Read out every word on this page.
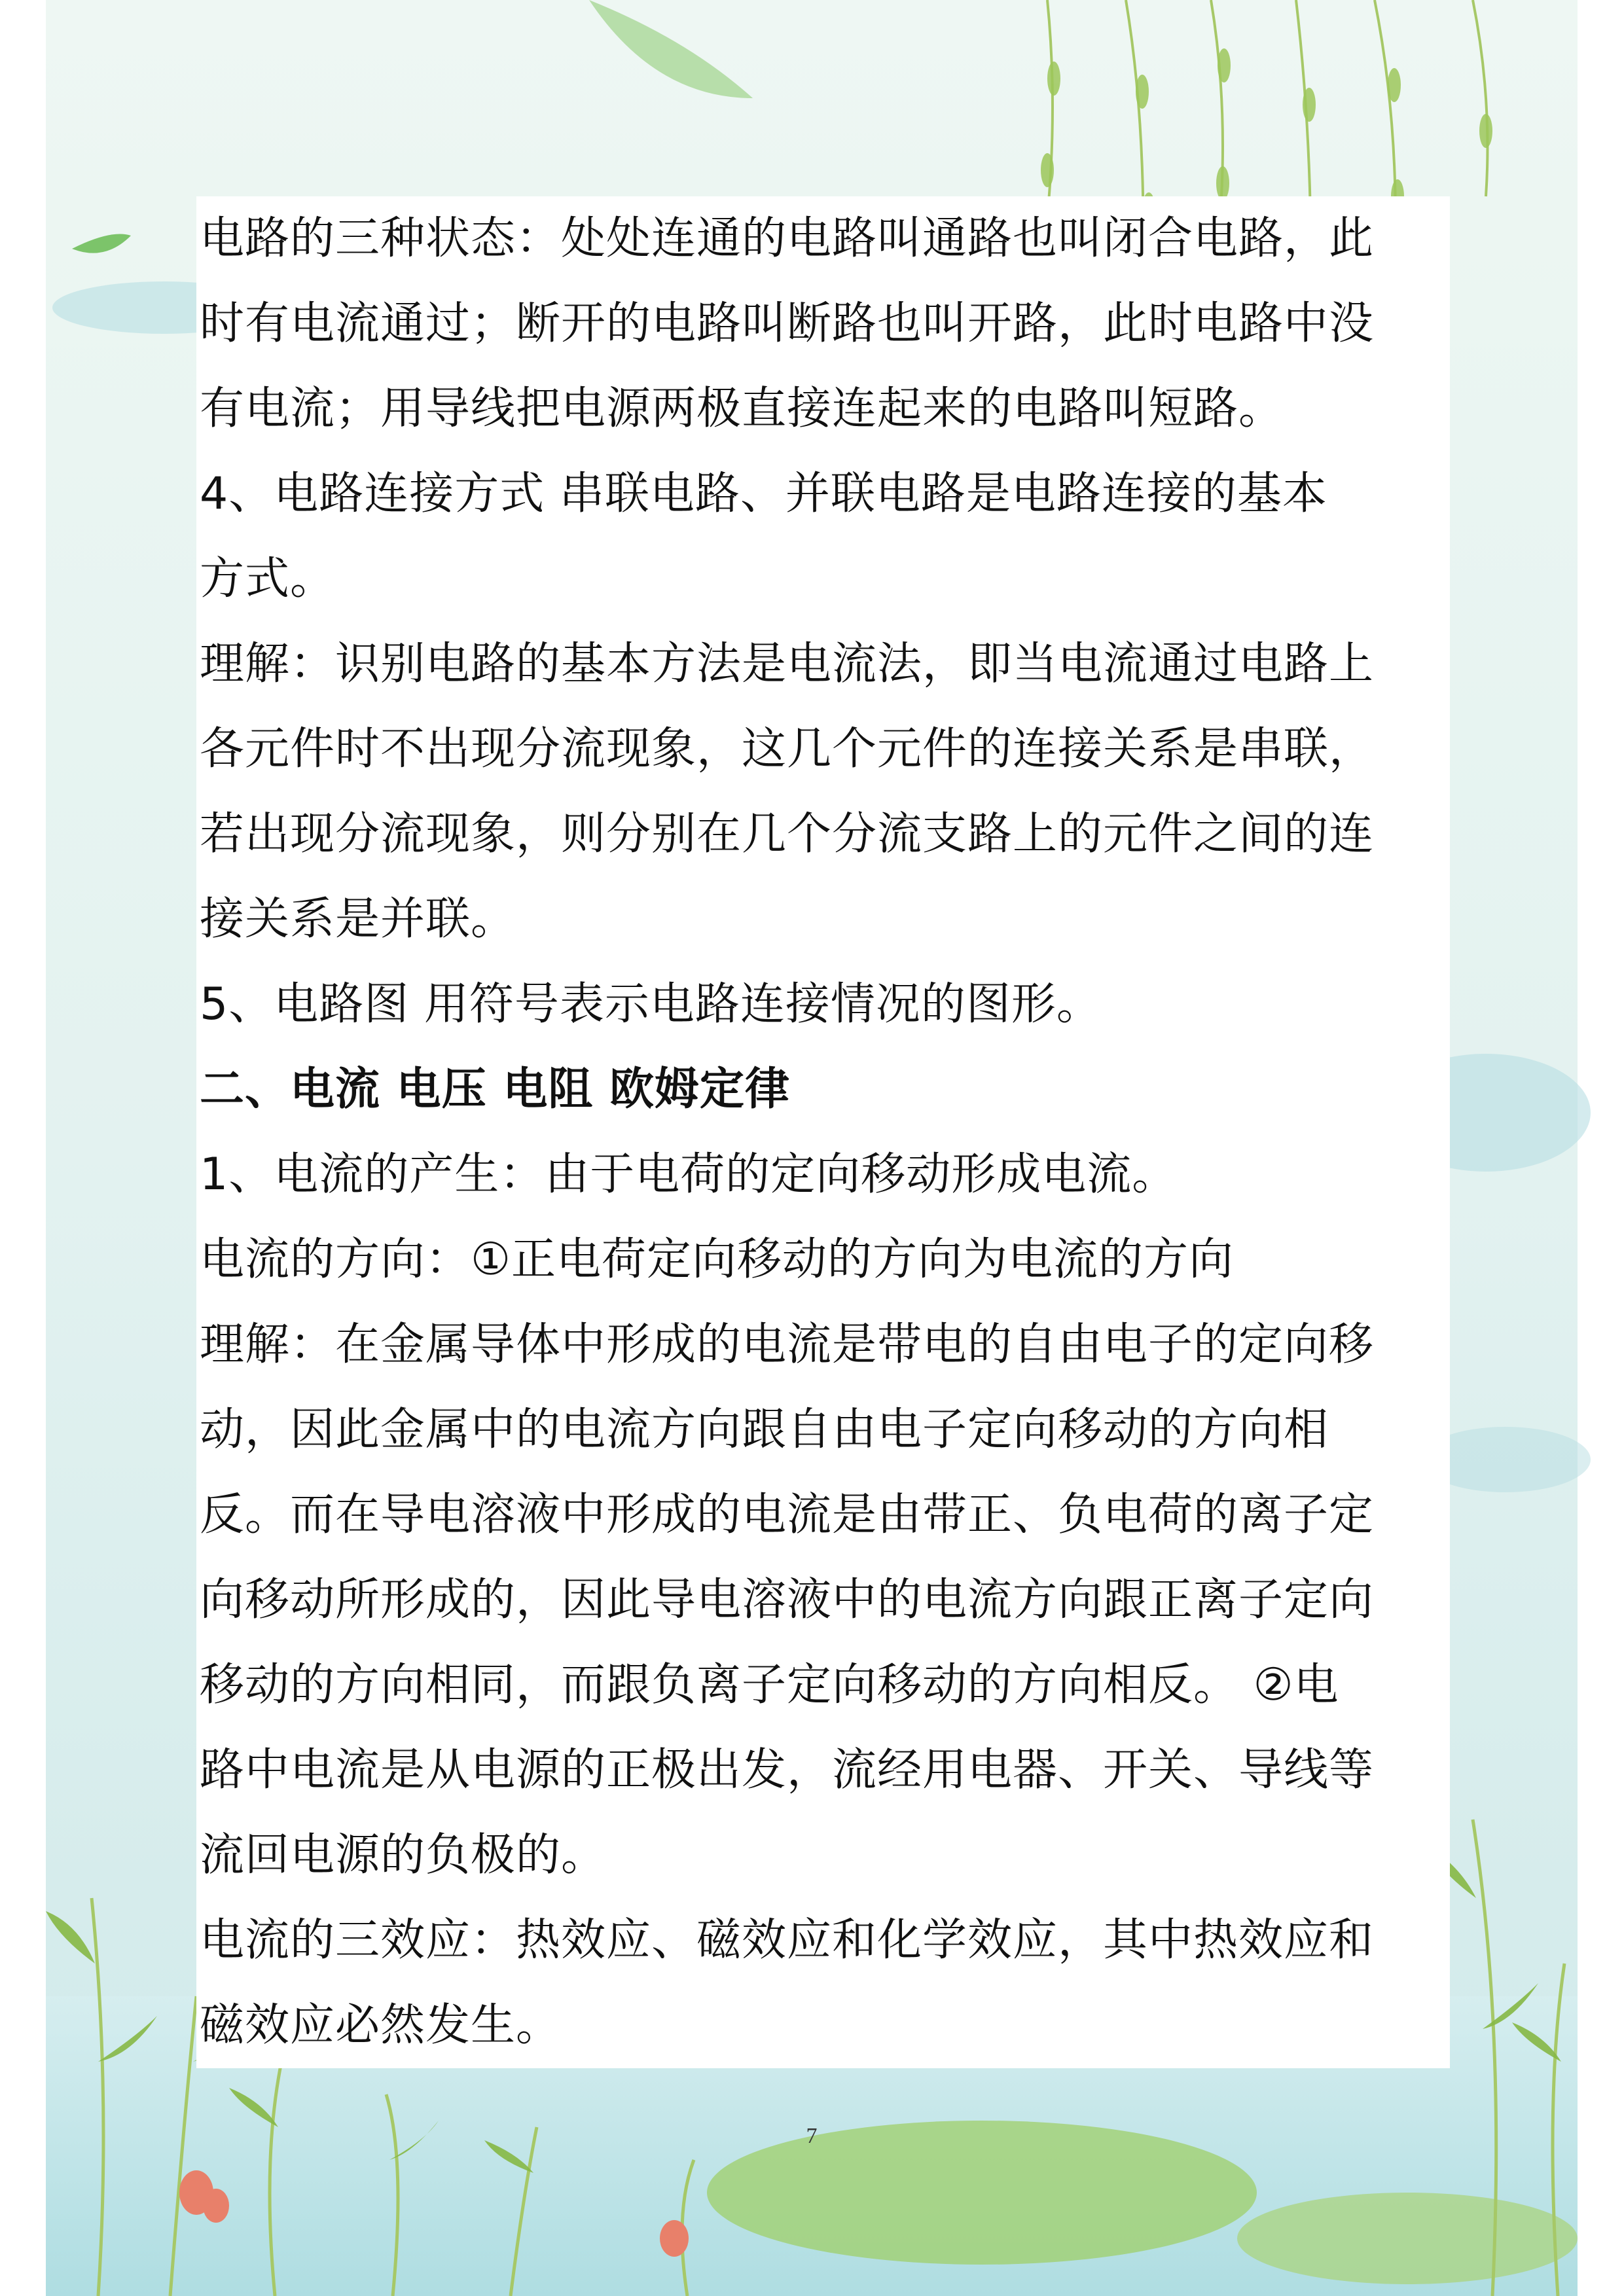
电路的三种状态：处处连通的电路叫通路也叫闭合电路，此
时有电流通过；断开的电路叫断路也叫开路，此时电路中没
有电流；用导线把电源两极直接连起来的电路叫短路。
4、电路连接方式 串联电路、并联电路是电路连接的基本
方式。
理解：识别电路的基本方法是电流法，即当电流通过电路上
各元件时不出现分流现象，这几个元件的连接关系是串联，
若出现分流现象，则分别在几个分流支路上的元件之间的连
接关系是并联。
5、电路图 用符号表示电路连接情况的图形。
二、电流 电压 电阻 欧姆定律
1、电流的产生：由于电荷的定向移动形成电流。
电流的方向：①正电荷定向移动的方向为电流的方向
理解：在金属导体中形成的电流是带电的自由电子的定向移
动，因此金属中的电流方向跟自由电子定向移动的方向相
反。而在导电溶液中形成的电流是由带正、负电荷的离子定
向移动所形成的，因此导电溶液中的电流方向跟正离子定向
移动的方向相同，而跟负离子定向移动的方向相反。 ②电
路中电流是从电源的正极出发，流经用电器、开关、导线等
流回电源的负极的。
电流的三效应：热效应、磁效应和化学效应，其中热效应和
磁效应必然发生。
7
